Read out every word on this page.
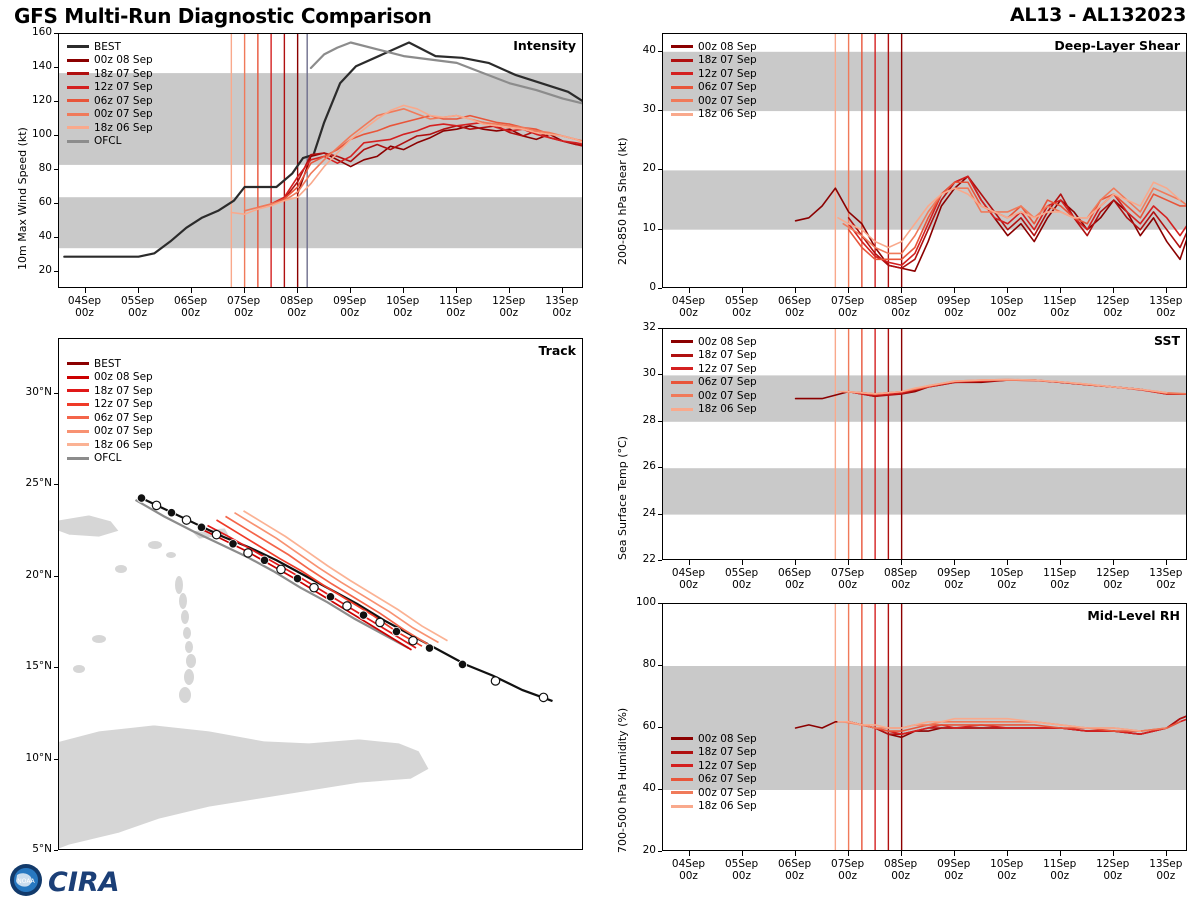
GFS Multi-Run Diagnostic Comparison	AL13 - AL132023
10m Max Wind Speed (kt)
Intensity
BEST
00z 08 Sep
18z 07 Sep
12z 07 Sep
06z 07 Sep
00z 07 Sep
18z 06 Sep
OFCL
20
40
60
80
100
120
140
160
04Sep
00z
05Sep
00z
06Sep
00z
07Sep
00z
08Sep
00z
09Sep
00z
10Sep
00z
11Sep
00z
12Sep
00z
13Sep
00z
Track
BEST
00z 08 Sep
18z 07 Sep
12z 07 Sep
06z 07 Sep
00z 07 Sep
18z 06 Sep
OFCL
5°N
10°N
15°N
20°N
25°N
30°N
200-850 hPa Shear (kt)
Deep-Layer Shear
00z 08 Sep
18z 07 Sep
12z 07 Sep
06z 07 Sep
00z 07 Sep
18z 06 Sep
0
10
20
30
40
04Sep
00z
05Sep
00z
06Sep
00z
07Sep
00z
08Sep
00z
09Sep
00z
10Sep
00z
11Sep
00z
12Sep
00z
13Sep
00z
Sea Surface Temp (°C)
SST
00z 08 Sep
18z 07 Sep
12z 07 Sep
06z 07 Sep
00z 07 Sep
18z 06 Sep
22
24
26
28
30
32
04Sep
00z
05Sep
00z
06Sep
00z
07Sep
00z
08Sep
00z
09Sep
00z
10Sep
00z
11Sep
00z
12Sep
00z
13Sep
00z
700-500 hPa Humidity (%)
Mid-Level RH
00z 08 Sep
18z 07 Sep
12z 07 Sep
06z 07 Sep
00z 07 Sep
18z 06 Sep
20
40
60
80
100
04Sep
00z
05Sep
00z
06Sep
00z
07Sep
00z
08Sep
00z
09Sep
00z
10Sep
00z
11Sep
00z
12Sep
00z
13Sep
00z
NOAA CIRA
